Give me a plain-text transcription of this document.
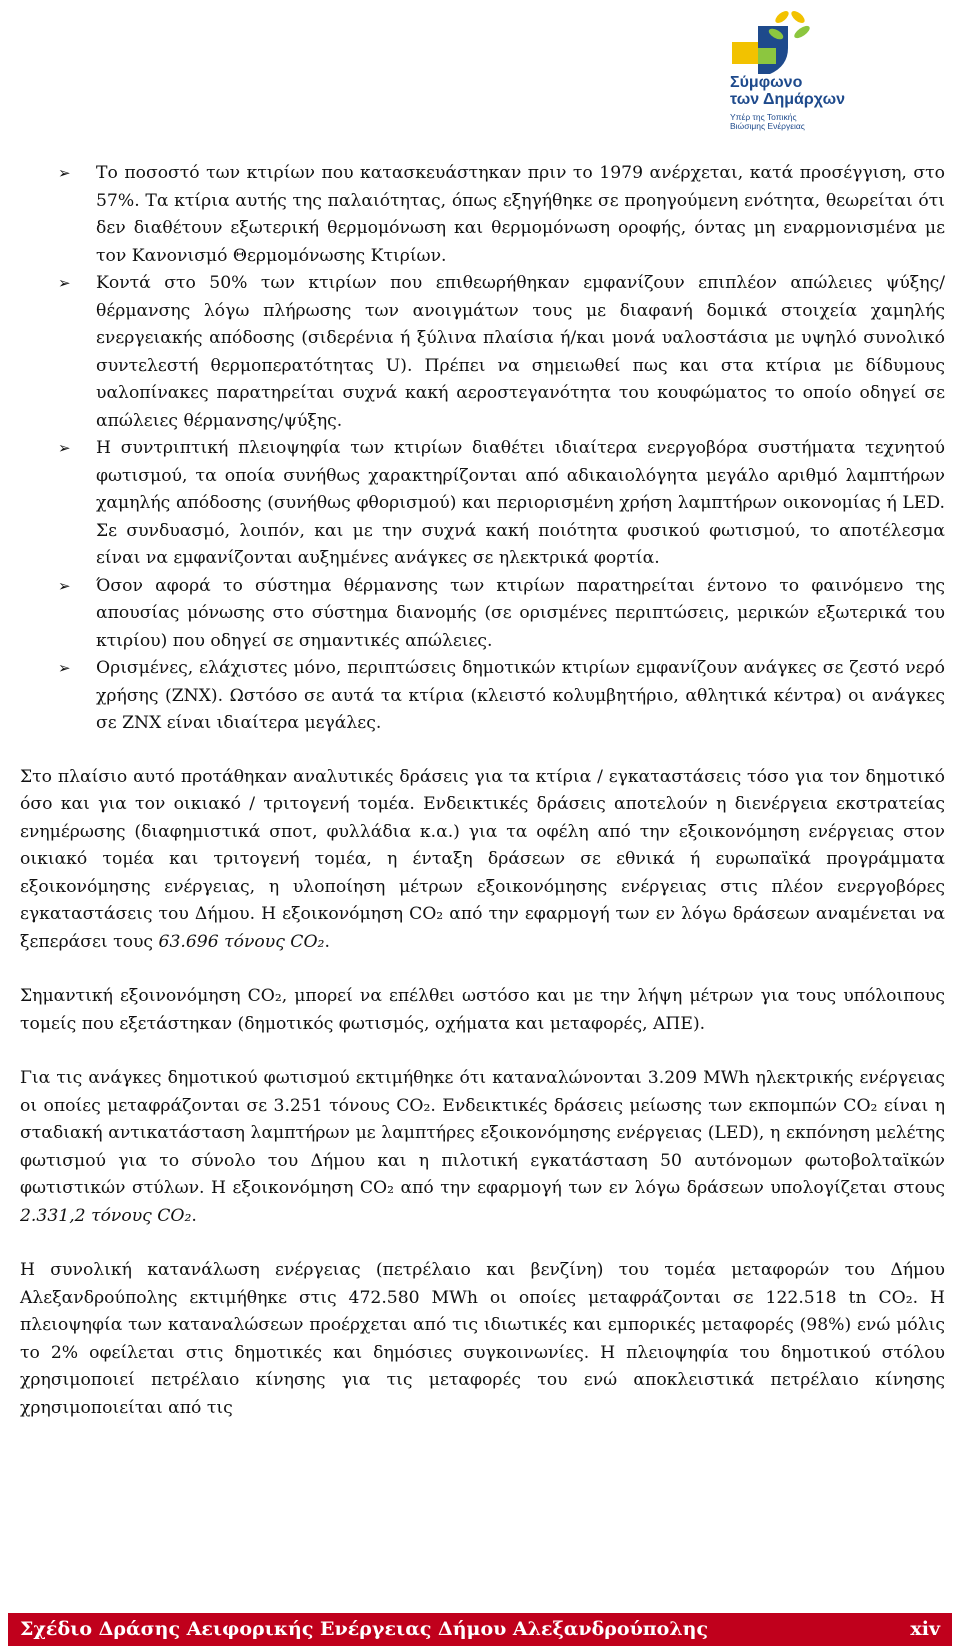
Σύμφωνο
των Δημάρχων
Υπέρ της Τοπικής
Βιώσιμης Ενέργειας
➢ Το ποσοστό των κτιρίων που κατασκευάστηκαν πριν το 1979 ανέρχεται, κατά προσέγγιση, στο 57%. Τα κτίρια αυτής της παλαιότητας, όπως εξηγήθηκε σε προηγούμενη ενότητα, θεωρείται ότι δεν διαθέτουν εξωτερική θερμομόνωση και θερμομόνωση οροφής, όντας μη εναρμονισμένα με τον Κανονισμό Θερμομόνωσης Κτιρίων.
➢ Κοντά στο 50% των κτιρίων που επιθεωρήθηκαν εμφανίζουν επιπλέον απώλειες ψύξης/θέρμανσης λόγω πλήρωσης των ανοιγμάτων τους με διαφανή δομικά στοιχεία χαμηλής ενεργειακής απόδοσης (σιδερένια ή ξύλινα πλαίσια ή/και μονά υαλοστάσια με υψηλό συνολικό συντελεστή θερμοπερατότητας U). Πρέπει να σημειωθεί πως και στα κτίρια με δίδυμους υαλοπίνακες παρατηρείται συχνά κακή αεροστεγανότητα του κουφώματος το οποίο οδηγεί σε απώλειες θέρμανσης/ψύξης.
➢ Η συντριπτική πλειοψηφία των κτιρίων διαθέτει ιδιαίτερα ενεργοβόρα συστήματα τεχνητού φωτισμού, τα οποία συνήθως χαρακτηρίζονται από αδικαιολόγητα μεγάλο αριθμό λαμπτήρων χαμηλής απόδοσης (συνήθως φθορισμού) και περιορισμένη χρήση λαμπτήρων οικονομίας ή LED. Σε συνδυασμό, λοιπόν, και με την συχνά κακή ποιότητα φυσικού φωτισμού, το αποτέλεσμα είναι να εμφανίζονται αυξημένες ανάγκες σε ηλεκτρικά φορτία.
➢ Όσον αφορά το σύστημα θέρμανσης των κτιρίων παρατηρείται έντονο το φαινόμενο της απουσίας μόνωσης στο σύστημα διανομής (σε ορισμένες περιπτώσεις, μερικών εξωτερικά του κτιρίου) που οδηγεί σε σημαντικές απώλειες.
➢ Ορισμένες, ελάχιστες μόνο, περιπτώσεις δημοτικών κτιρίων εμφανίζουν ανάγκες σε ζεστό νερό χρήσης (ΖΝΧ). Ωστόσο σε αυτά τα κτίρια (κλειστό κολυμβητήριο, αθλητικά κέντρα) οι ανάγκες σε ΖΝΧ είναι ιδιαίτερα μεγάλες.

Στο πλαίσιο αυτό προτάθηκαν αναλυτικές δράσεις για τα κτίρια / εγκαταστάσεις τόσο για τον δημοτικό όσο και για τον οικιακό / τριτογενή τομέα. Ενδεικτικές δράσεις αποτελούν η διενέργεια εκστρατείας ενημέρωσης (διαφημιστικά σποτ, φυλλάδια κ.α.) για τα οφέλη από την εξοικονόμηση ενέργειας στον οικιακό τομέα και τριτογενή τομέα, η ένταξη δράσεων σε εθνικά ή ευρωπαϊκά προγράμματα εξοικονόμησης ενέργειας, η υλοποίηση μέτρων εξοικονόμησης ενέργειας στις πλέον ενεργοβόρες εγκαταστάσεις του Δήμου. Η εξοικονόμηση CO₂ από την εφαρμογή των εν λόγω δράσεων αναμένεται να ξεπεράσει τους 63.696 τόνους CO₂.

Σημαντική εξοινονόμηση CO₂, μπορεί να επέλθει ωστόσο και με την λήψη μέτρων για τους υπόλοιπους τομείς που εξετάστηκαν (δημοτικός φωτισμός, οχήματα και μεταφορές, ΑΠΕ).

Για τις ανάγκες δημοτικού φωτισμού εκτιμήθηκε ότι καταναλώνονται 3.209 MWh ηλεκτρικής ενέργειας οι οποίες μεταφράζονται σε 3.251 τόνους CO₂. Ενδεικτικές δράσεις μείωσης των εκπομπών CO₂ είναι η σταδιακή αντικατάσταση λαμπτήρων με λαμπτήρες εξοικονόμησης ενέργειας (LED), η εκπόνηση μελέτης φωτισμού για το σύνολο του Δήμου και η πιλοτική εγκατάσταση 50 αυτόνομων φωτοβολταϊκών φωτιστικών στύλων. Η εξοικονόμηση CO₂ από την εφαρμογή των εν λόγω δράσεων υπολογίζεται στους 2.331,2 τόνους CO₂.

Η συνολική κατανάλωση ενέργειας (πετρέλαιο και βενζίνη) του τομέα μεταφορών του Δήμου Αλεξανδρούπολης εκτιμήθηκε στις 472.580 MWh οι οποίες μεταφράζονται σε 122.518 tn CO₂. Η πλειοψηφία των καταναλώσεων προέρχεται από τις ιδιωτικές και εμπορικές μεταφορές (98%) ενώ μόλις το 2% οφείλεται στις δημοτικές και δημόσιες συγκοινωνίες. Η πλειοψηφία του δημοτικού στόλου χρησιμοποιεί πετρέλαιο κίνησης για τις μεταφορές του ενώ αποκλειστικά πετρέλαιο κίνησης χρησιμοποιείται από τις

Σχέδιο Δράσης Αειφορικής Ενέργειας Δήμου Αλεξανδρούπολης	xiv
